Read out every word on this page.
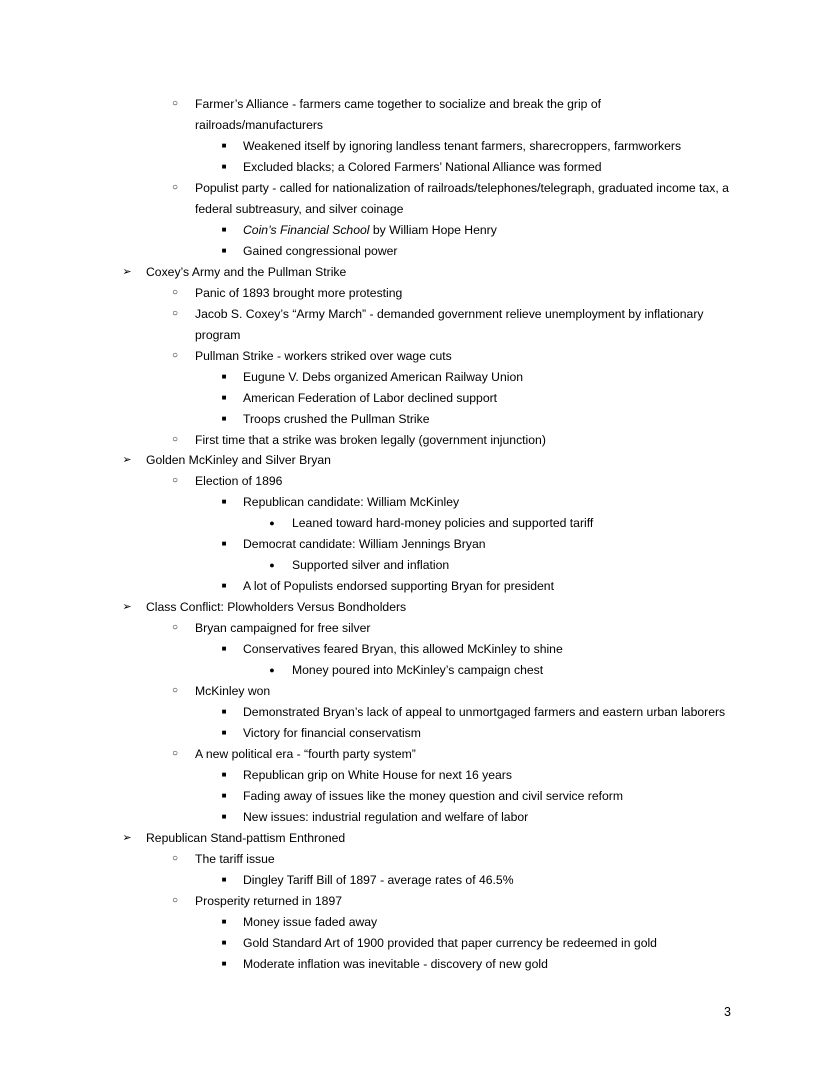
○	Farmer’s Alliance - farmers came together to socialize and break the grip of
railroads/manufacturers
■	Weakened itself by ignoring landless tenant farmers, sharecroppers, farmworkers
■	Excluded blacks; a Colored Farmers’ National Alliance was formed
○	Populist party - called for nationalization of railroads/telephones/telegraph, graduated income tax, a
federal subtreasury, and silver coinage
■	Coin’s Financial School by William Hope Henry
■	Gained congressional power
➢ Coxey’s Army and the Pullman Strike
○	Panic of 1893 brought more protesting
○	Jacob S. Coxey’s “Army March” - demanded government relieve unemployment by inflationary
program
○	Pullman Strike - workers striked over wage cuts
■	Eugune V. Debs organized American Railway Union
■	American Federation of Labor declined support
■	Troops crushed the Pullman Strike
○	First time that a strike was broken legally (government injunction)
➢ Golden McKinley and Silver Bryan
○	Election of 1896
■	Republican candidate: William McKinley
●	Leaned toward hard-money policies and supported tariff
■	Democrat candidate: William Jennings Bryan
●	Supported silver and inflation
■	A lot of Populists endorsed supporting Bryan for president
➢ Class Conflict: Plowholders Versus Bondholders
○	Bryan campaigned for free silver
■	Conservatives feared Bryan, this allowed McKinley to shine
●	Money poured into McKinley’s campaign chest
○	McKinley won
■	Demonstrated Bryan’s lack of appeal to unmortgaged farmers and eastern urban laborers
■	Victory for financial conservatism
○	A new political era - “fourth party system”
■	Republican grip on White House for next 16 years
■	Fading away of issues like the money question and civil service reform
■	New issues: industrial regulation and welfare of labor
➢ Republican Stand-pattism Enthroned
○	The tariff issue
■	Dingley Tariff Bill of 1897 - average rates of 46.5%
○	Prosperity returned in 1897
■	Money issue faded away
■	Gold Standard Art of 1900 provided that paper currency be redeemed in gold
■	Moderate inflation was inevitable - discovery of new gold
3
